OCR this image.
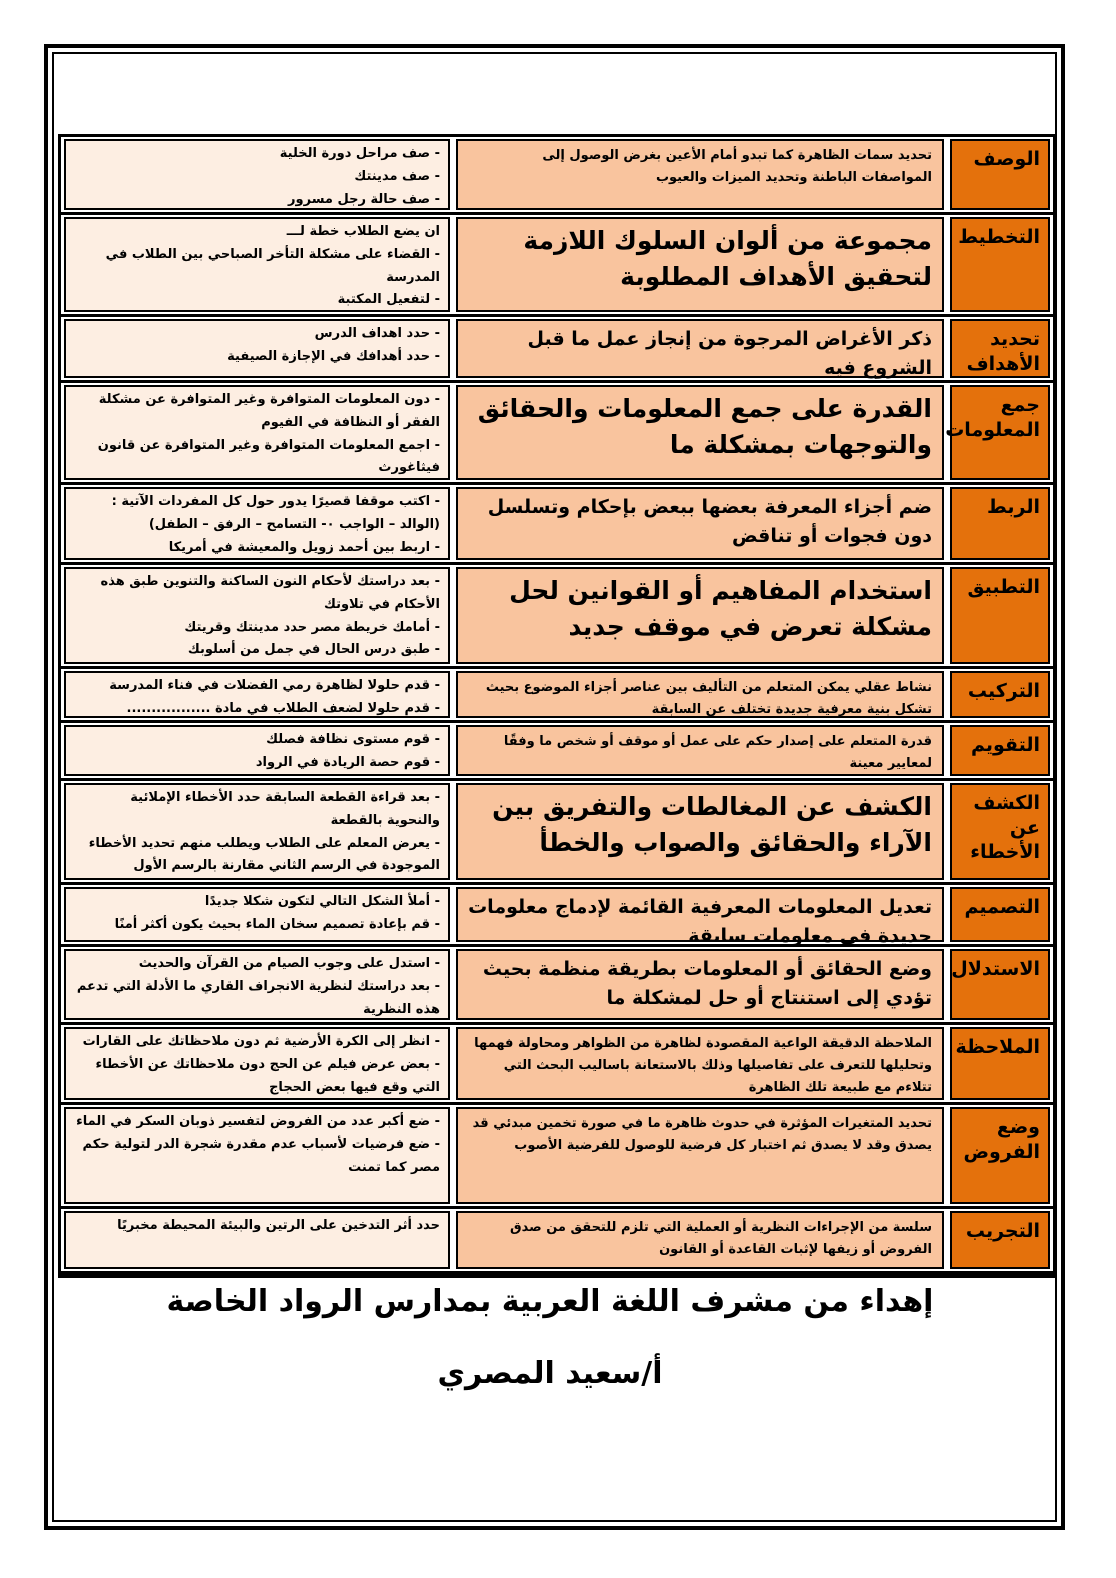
الوصف
تحديد سمات الظاهرة كما تبدو أمام الأعين بغرض الوصول إلى المواصفات الباطنة وتحديد الميزات والعيوب
- صف مراحل دورة الخلية
- صف مدينتك
- صف حالة رجل مسرور
التخطيط
مجموعة من ألوان السلوك اللازمة لتحقيق الأهداف المطلوبة
ان يضع الطلاب خطة لـــ
- القضاء على مشكلة التأخر الصباحي بين الطلاب في المدرسة
- لتفعيل المكتبة
تحديد الأهداف
ذكر الأغراض المرجوة من إنجاز عمل ما قبل الشروع فيه
- حدد اهداف الدرس
- حدد أهدافك في الإجازة الصيفية
جمع المعلومات
القدرة على جمع المعلومات والحقائق والتوجهات بمشكلة ما
- دون المعلومات المتوافرة وغير المتوافرة عن مشكلة الفقر أو النظافة في الفيوم
- اجمع المعلومات المتوافرة وغير المتوافرة عن قانون فيثاغورث
الربط
ضم أجزاء المعرفة بعضها ببعض بإحكام وتسلسل دون فجوات أو تناقض
- اكتب موقفا قصيرًا يدور حول كل المفردات الآتية :
(الوالد – الواجب ٠- التسامح – الرفق – الطفل)
- اربط بين أحمد زويل والمعيشة في أمريكا
التطبيق
استخدام المفاهيم أو القوانين لحل مشكلة تعرض في موقف جديد
- بعد دراستك لأحكام النون الساكنة والتنوين طبق هذه الأحكام في تلاوتك
- أمامك خريطة مصر حدد مدينتك وقريتك
- طبق درس الحال في جمل من أسلوبك
التركيب
نشاط عقلي يمكن المتعلم من التأليف بين عناصر أجزاء الموضوع بحيث تشكل بنية معرفية جديدة تختلف عن السابقة
- قدم حلولا لظاهرة رمي الفضلات في فناء المدرسة
- قدم حلولا لضعف الطلاب في مادة .................
التقويم
قدرة المتعلم على إصدار حكم على عمل أو موقف أو شخص ما وفقًا لمعايير معينة
- قوم مستوى نظافة فصلك
- قوم حصة الريادة في الرواد
الكشف عن الأخطاء
الكشف عن المغالطات والتفريق بين الآراء والحقائق والصواب والخطأ
- بعد قراءة القطعة السابقة حدد الأخطاء الإملائية والنحوية بالقطعة
- يعرض المعلم على الطلاب ويطلب منهم تحديد الأخطاء الموجودة في الرسم الثاني مقارنة بالرسم الأول
التصميم
تعديل المعلومات المعرفية القائمة لإدماج معلومات جديدة في معلومات سابقة
- أملأ الشكل التالي لتكون شكلا جديدًا
- قم بإعادة تصميم سخان الماء بحيث يكون أكثر أمنًا
الاستدلال
وضع الحقائق أو المعلومات بطريقة منظمة بحيث تؤدي إلى استنتاج أو حل لمشكلة ما
- استدل على وجوب الصيام من القرآن والحديث
- بعد دراستك لنظرية الانجراف القاري ما الأدلة التي تدعم هذه النظرية
الملاحظة
الملاحظة الدقيقة الواعية المقصودة لظاهرة من الظواهر ومحاولة فهمها وتحليلها للتعرف على تفاصيلها وذلك بالاستعانة باساليب البحث التي تتلاءم مع طبيعة تلك الظاهرة
- انظر إلى الكرة الأرضية ثم دون ملاحظاتك على القارات
- بعض عرض فيلم عن الحج دون ملاحظاتك عن الأخطاء التي وقع فيها بعض الحجاج
وضع الفروض
تحديد المتغيرات المؤثرة في حدوث ظاهرة ما في صورة تخمين مبدئي قد يصدق وقد لا يصدق ثم اختبار كل فرضية للوصول للفرضية الأصوب
- ضع أكبر عدد من الفروض لتفسير ذوبان السكر في الماء
- ضع فرضيات لأسباب عدم مقدرة شجرة الدر لتولية حكم مصر كما تمنت
التجريب
سلسة من الإجراءات النظرية أو العملية التي تلزم للتحقق من صدق الفروض أو زيفها لإثبات القاعدة أو القانون
حدد أثر التدخين على الرتين والبيئة المحيطة مخبريًا
إهداء من مشرف اللغة العربية بمدارس الرواد الخاصة
أ/سعيد المصري
